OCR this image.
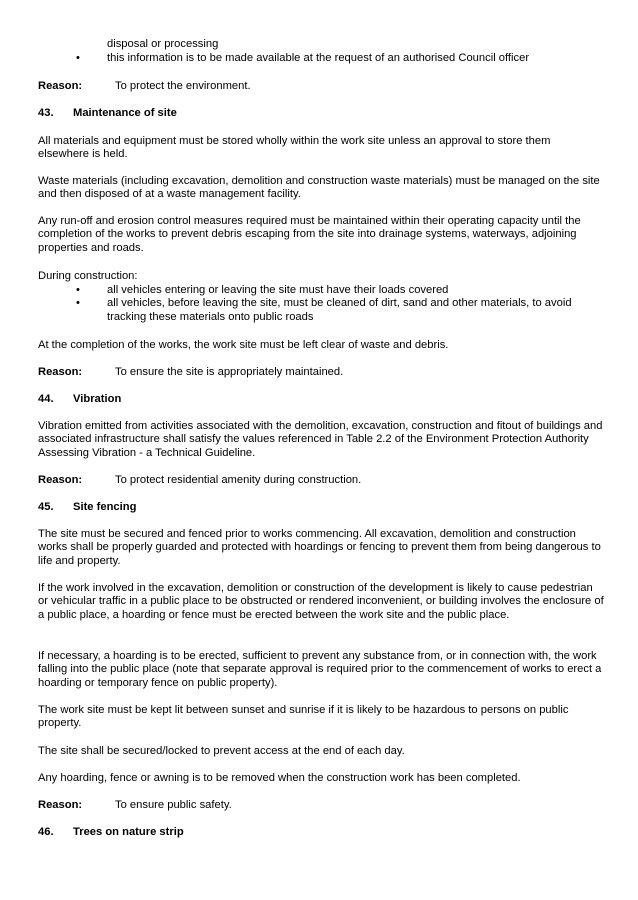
disposal or processing

• this information is to be made available at the request of an authorised Council officer

Reason:	To protect the environment.

43. Maintenance of site

All materials and equipment must be stored wholly within the work site unless an approval to store them elsewhere is held.

Waste materials (including excavation, demolition and construction waste materials) must be managed on the site and then disposed of at a waste management facility.

Any run-off and erosion control measures required must be maintained within their operating capacity until the completion of the works to prevent debris escaping from the site into drainage systems, waterways, adjoining properties and roads.

During construction:

• all vehicles entering or leaving the site must have their loads covered
• all vehicles, before leaving the site, must be cleaned of dirt, sand and other materials, to avoid tracking these materials onto public roads

At the completion of the works, the work site must be left clear of waste and debris.

Reason:	To ensure the site is appropriately maintained.

44. Vibration

Vibration emitted from activities associated with the demolition, excavation, construction and fitout of buildings and associated infrastructure shall satisfy the values referenced in Table 2.2 of the Environment Protection Authority Assessing Vibration - a Technical Guideline.

Reason:	To protect residential amenity during construction.

45. Site fencing

The site must be secured and fenced prior to works commencing. All excavation, demolition and construction works shall be properly guarded and protected with hoardings or fencing to prevent them from being dangerous to life and property.

If the work involved in the excavation, demolition or construction of the development is likely to cause pedestrian or vehicular traffic in a public place to be obstructed or rendered inconvenient, or building involves the enclosure of a public place, a hoarding or fence must be erected between the work site and the public place.

If necessary, a hoarding is to be erected, sufficient to prevent any substance from, or in connection with, the work falling into the public place (note that separate approval is required prior to the commencement of works to erect a hoarding or temporary fence on public property).

The work site must be kept lit between sunset and sunrise if it is likely to be hazardous to persons on public property.

The site shall be secured/locked to prevent access at the end of each day.

Any hoarding, fence or awning is to be removed when the construction work has been completed.

Reason:	To ensure public safety.

46. Trees on nature strip
